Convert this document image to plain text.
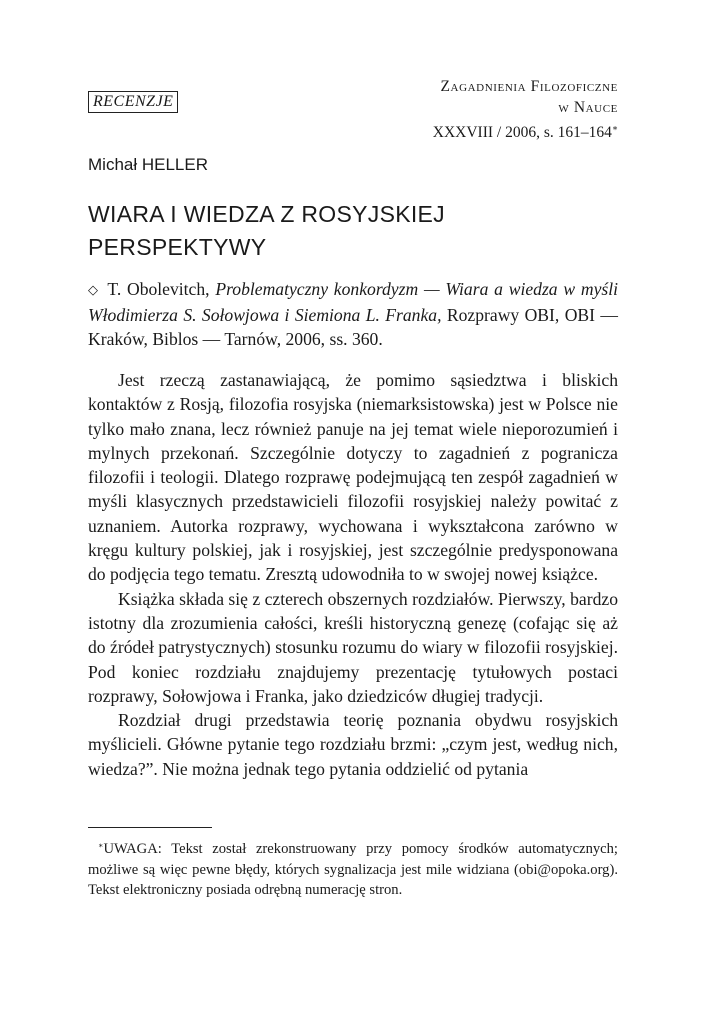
RECENZJE
Zagadnienia Filozoficzne
w Nauce
XXXVIII / 2006, s. 161–164∗
Michał HELLER
WIARA I WIEDZA Z ROSYJSKIEJ
PERSPEKTYWY
◇ T. Obolevitch, Problematyczny konkordyzm — Wiara a wiedza w myśli Włodimierza S. Sołowjowa i Siemiona L. Franka, Rozprawy OBI, OBI — Kraków, Biblos — Tarnów, 2006, ss. 360.

Jest rzeczą zastanawiającą, że pomimo sąsiedztwa i bliskich kontaktów z Rosją, filozofia rosyjska (niemarksistowska) jest w Polsce nie tylko mało znana, lecz również panuje na jej temat wiele nieporozumień i mylnych przekonań. Szczególnie dotyczy to zagadnień z pogranicza filozofii i teologii. Dlatego rozprawę podejmującą ten zespół zagadnień w myśli klasycznych przedstawicieli filozofii rosyjskiej należy powitać z uznaniem. Autorka rozprawy, wychowana i wykształcona zarówno w kręgu kultury polskiej, jak i rosyjskiej, jest szczególnie predysponowana do podjęcia tego tematu. Zresztą udowodniła to w swojej nowej książce.

Książka składa się z czterech obszernych rozdziałów. Pierwszy, bardzo istotny dla zrozumienia całości, kreśli historyczną genezę (cofając się aż do źródeł patrystycznych) stosunku rozumu do wiary w filozofii rosyjskiej. Pod koniec rozdziału znajdujemy prezentację tytułowych postaci rozprawy, Sołowjowa i Franka, jako dziedziców długiej tradycji.

Rozdział drugi przedstawia teorię poznania obydwu rosyjskich myślicieli. Główne pytanie tego rozdziału brzmi: „czym jest, według nich, wiedza?”. Nie można jednak tego pytania oddzielić od pytania

∗UWAGA: Tekst został zrekonstruowany przy pomocy środków automatycznych; możliwe są więc pewne błędy, których sygnalizacja jest mile widziana (obi@opoka.org). Tekst elektroniczny posiada odrębną numerację stron.
